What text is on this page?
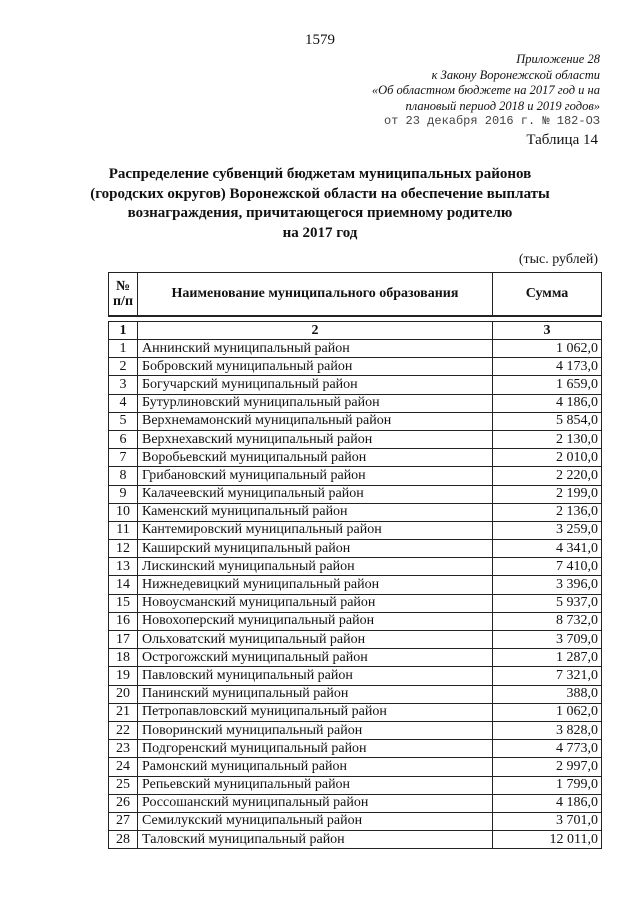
1579
Приложение 28
к Закону Воронежской области
«Об областном бюджете на 2017 год и на
плановый период 2018 и 2019 годов»
от 23 декабря 2016 г. № 182-ОЗ
Таблица 14
Распределение субвенций бюджетам муниципальных районов
(городских округов) Воронежской области на обеспечение выплаты
вознаграждения, причитающегося приемному родителю
на 2017 год
(тыс. рублей)
№
п/п	Наименование муниципального образования	Сумма

1	2	3
1	Аннинский муниципальный район	1 062,0
2	Бобровский муниципальный район	4 173,0
3	Богучарский муниципальный район	1 659,0
4	Бутурлиновский муниципальный район	4 186,0
5	Верхнемамонский муниципальный район	5 854,0
6	Верхнехавский муниципальный район	2 130,0
7	Воробьевский муниципальный район	2 010,0
8	Грибановский муниципальный район	2 220,0
9	Калачеевский муниципальный район	2 199,0
10	Каменский муниципальный район	2 136,0
11	Кантемировский муниципальный район	3 259,0
12	Каширский муниципальный район	4 341,0
13	Лискинский муниципальный район	7 410,0
14	Нижнедевицкий муниципальный район	3 396,0
15	Новоусманский муниципальный район	5 937,0
16	Новохоперский муниципальный район	8 732,0
17	Ольховатский муниципальный район	3 709,0
18	Острогожский муниципальный район	1 287,0
19	Павловский муниципальный район	7 321,0
20	Панинский муниципальный район	388,0
21	Петропавловский муниципальный район	1 062,0
22	Поворинский муниципальный район	3 828,0
23	Подгоренский муниципальный район	4 773,0
24	Рамонский муниципальный район	2 997,0
25	Репьевский муниципальный район	1 799,0
26	Россошанский муниципальный район	4 186,0
27	Семилукский муниципальный район	3 701,0
28	Таловский муниципальный район	12 011,0
